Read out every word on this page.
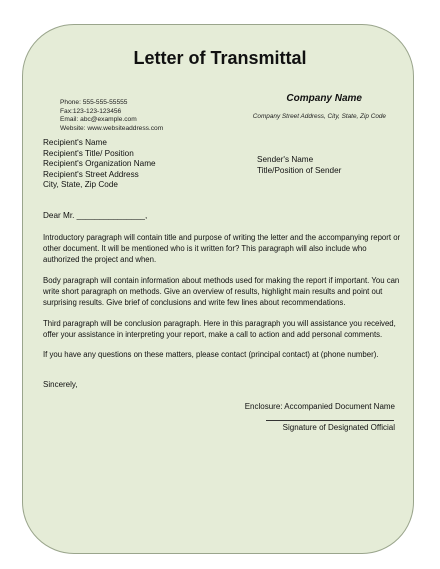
Letter of Transmittal
Phone: 555-555-55555
Fax:123-123-123456
Email: abc@example.com
Website: www.websiteaddress.com
Company Name
Company Street Address, City, State, Zip Code
Recipient's Name
Recipient's Title/ Position
Recipient's Organization Name
Recipient's Street Address
City, State, Zip Code
Sender's Name
Title/Position of Sender
Dear Mr. _______________,

Introductory paragraph will contain title and purpose of writing the letter and the accompanying report or other document. It will be mentioned who is it written for? This paragraph will also include who authorized the project and when.

Body paragraph will contain information about methods used for making the report if important. You can write short paragraph on methods. Give an overview of results, highlight main results and point out surprising results. Give brief of conclusions and write few lines about recommendations.

Third paragraph will be conclusion paragraph. Here in this paragraph you will assistance you received, offer your assistance in interpreting your report, make a call to action and add personal comments.

If you have any questions on these matters, please contact (principal contact) at (phone number).

Sincerely,
Enclosure: Accompanied Document Name
Signature of Designated Official
